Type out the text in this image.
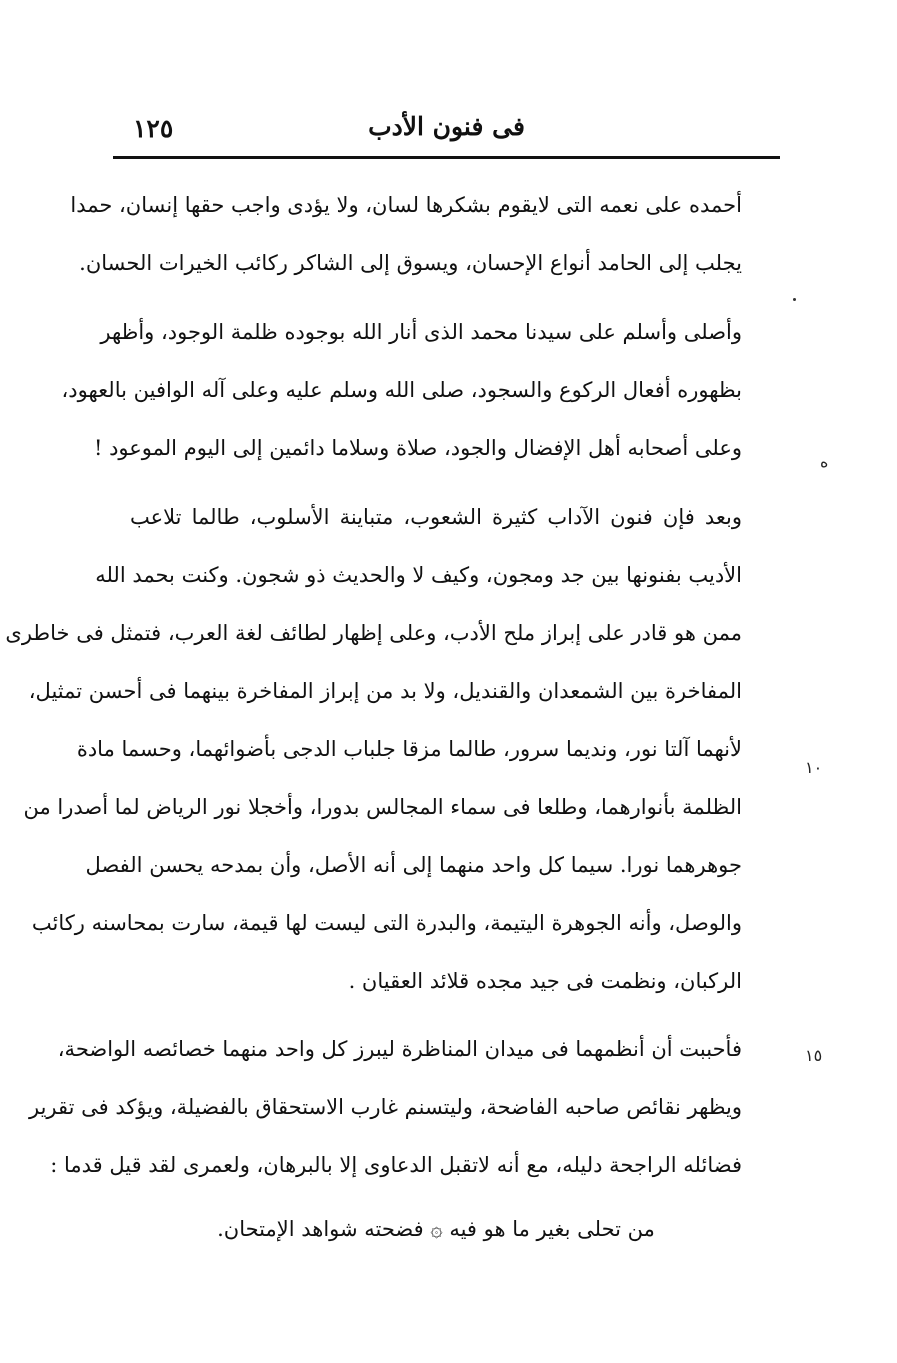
١٢٥	فى فنون الأدب
أحمده على نعمه التى لايقوم بشكرها لسان، ولا يؤدى واجب حقها إنسان، حمدا
يجلب إلى الحامد أنواع الإحسان، ويسوق إلى الشاكر ركائب الخيرات الحسان.
وأصلى وأسلم على سيدنا محمد الذى أنار الله بوجوده ظلمة الوجود، وأظهر
بظهوره أفعال الركوع والسجود، صلى الله وسلم عليه وعلى آله الوافين بالعهود،
وعلى أصحابه أهل الإفضال والجود، صلاة وسلاما دائمين إلى اليوم الموعود !
وبعد فإن فنون الآداب كثيرة الشعوب، متباينة الأسلوب، طالما تلاعب
الأديب بفنونها بين جد ومجون، وكيف لا والحديث ذو شجون. وكنت بحمد الله
ممن هو قادر على إبراز ملح الأدب، وعلى إظهار لطائف لغة العرب، فتمثل فى خاطرى
المفاخرة بين الشمعدان والقنديل، ولا بد من إبراز المفاخرة بينهما فى أحسن تمثيل،
لأنهما آلتا نور، ونديما سرور، طالما مزقا جلباب الدجى بأضوائهما، وحسما مادة
الظلمة بأنوارهما، وطلعا فى سماء المجالس بدورا، وأخجلا نور الرياض لما أصدرا من
جوهرهما نورا. سيما كل واحد منهما إلى أنه الأصل، وأن بمدحه يحسن الفصل
والوصل، وأنه الجوهرة اليتيمة، والبدرة التى ليست لها قيمة، سارت بمحاسنه ركائب
الركبان، ونظمت فى جيد مجده قلائد العقيان .
فأحببت أن أنظمهما فى ميدان المناظرة ليبرز كل واحد منهما خصائصه الواضحة،
ويظهر نقائص صاحبه الفاضحة، وليتسنم غارب الاستحقاق بالفضيلة، ويؤكد فى تقرير
فضائله الراجحة دليله، مع أنه لاتقبل الدعاوى إلا بالبرهان، ولعمرى لقد قيل قدما :
من تحلى بغير ما هو فيه ۞ فضحته شواهد الإمتحان.
ه
١٠
١٥
